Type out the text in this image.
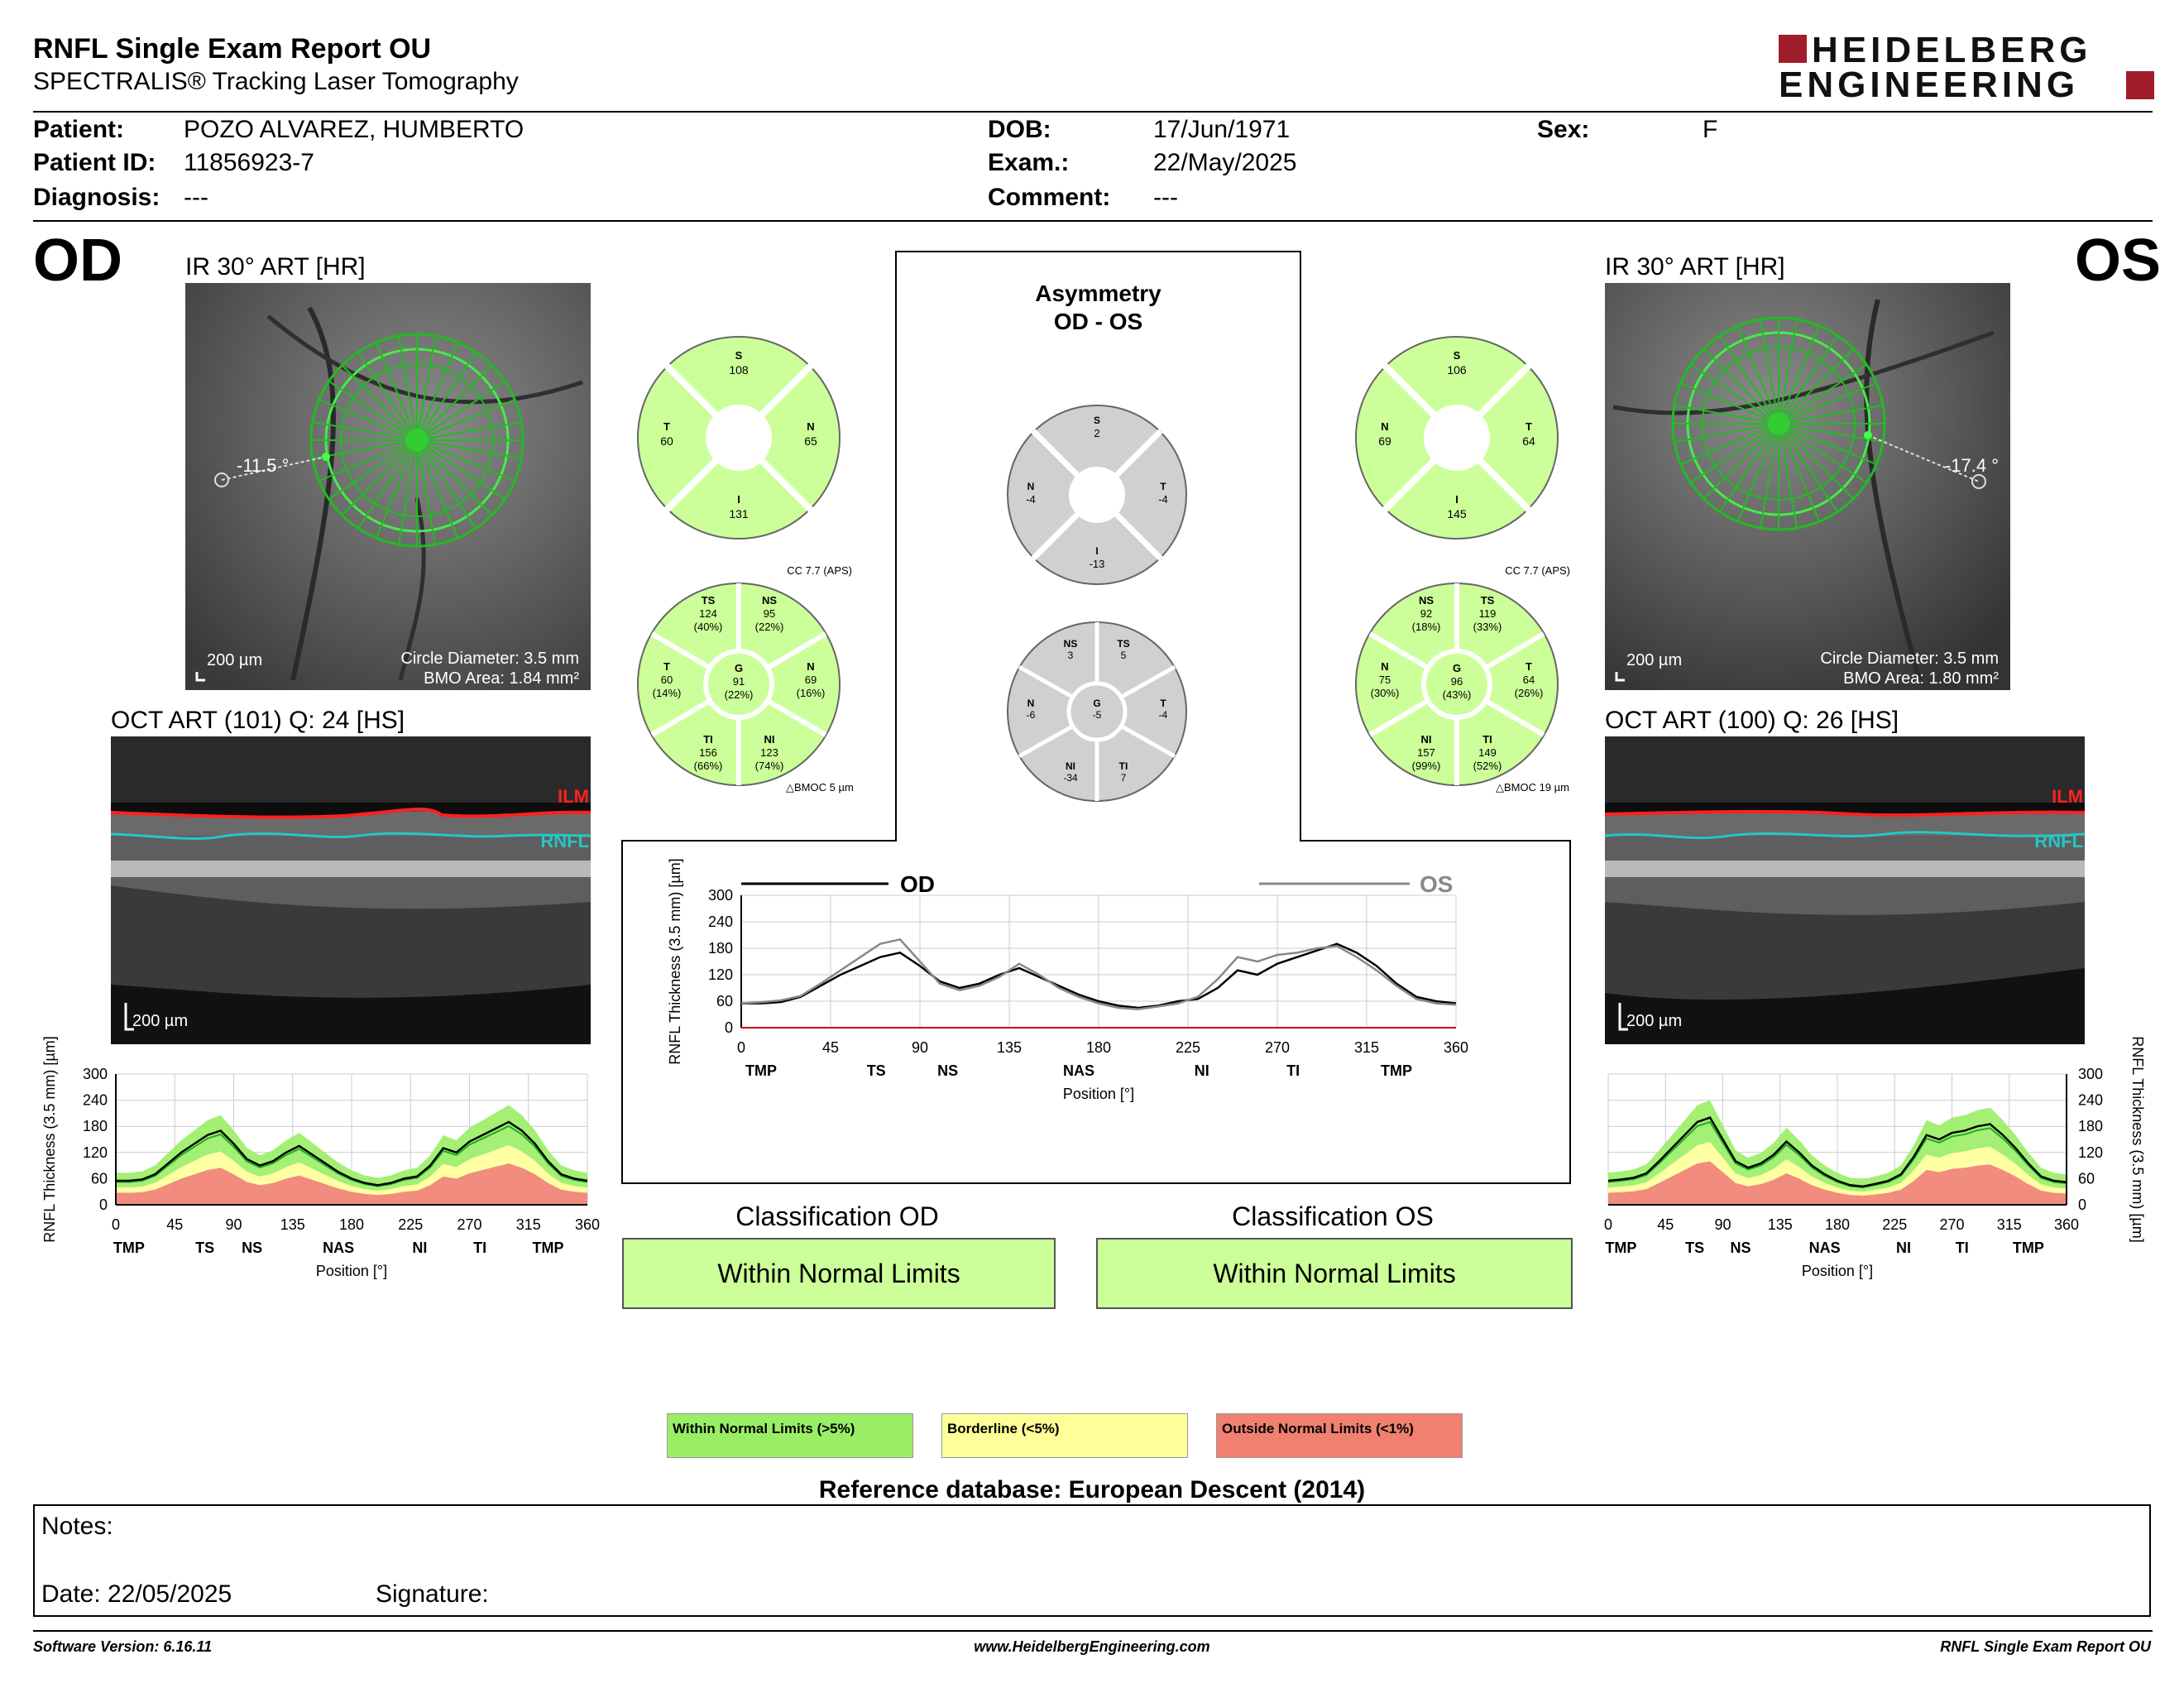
RNFL Single Exam Report OU
SPECTRALIS® Tracking Laser Tomography
HEIDELBERG
ENGINEERING
Patient: POZO ALVAREZ, HUMBERTO
Patient ID: 11856923-7
Diagnosis: ---
DOB:	17/Jun/1971
Exam.:	22/May/2025
Comment: ---
Sex:	F
OD	OS
IR 30° ART [HR]
-11.5 °
200 µm	Circle Diameter: 3.5 mm
BMO Area: 1.84 mm²
IR 30° ART [HR]
-17.4 °
200 µm	Circle Diameter: 3.5 mm
BMO Area: 1.80 mm²
OCT ART (101) Q: 24 [HS]
ILM
RNFL
200 µm
OCT ART (100) Q: 26 [HS]
ILM
RNFL
200 µm
Asymmetry
OD - OS
S
108
T
60
N
65
I
131
S
106
N
69
T
64
I
145
S
2
N
-4
T
-4
I
-13
CC 7.7 (APS)
TS
124
(40%)
NS
95
(22%)
T
60
(14%)
G
91
(22%)
N
69
(16%)
TI
156
(66%)
NI
123
(74%)
△BMOC 5 µm
CC 7.7 (APS)
NS
92
(18%)
TS
119
(33%)
N
75
(30%)
G
96
(43%)
T
64
(26%)
NI
157
(99%)
TI
149
(52%)
△BMOC 19 µm
NS
3
TS
5
N
-6
G
-5
T
-4
NI
-34
TI
7
0
60
120
180
240
300
0	45	90	135 180 225 270 315 360
TMP	TS NS	NAS	NI	TI	TMP
Position [°]
RNFL Thickness (3.5 mm) [µm]	0
60
120
180
240
300
0	45	90 135 180 225 270 315 360
TMP	TS NS	NAS	NI	TI	TMP
Position [°]
RNFL Thickness (3.5 mm) [µm]
0
60
120
180
240
300
0	45	90	135	180	225	270	315	360
TMP	TS	NS	NAS	NI	TI	TMP
Position [°]
RNFL Thickness (3.5 mm) [µm]	OD	OS
Classification OD
Within Normal Limits
Classification OS
Within Normal Limits
Within Normal Limits (>5%)	Borderline (<5%)	Outside Normal Limits (<1%)
Reference database: European Descent (2014)
Notes:
Date: 22/05/2025	Signature:
Software Version: 6.16.11	www.HeidelbergEngineering.com	RNFL Single Exam Report OU
